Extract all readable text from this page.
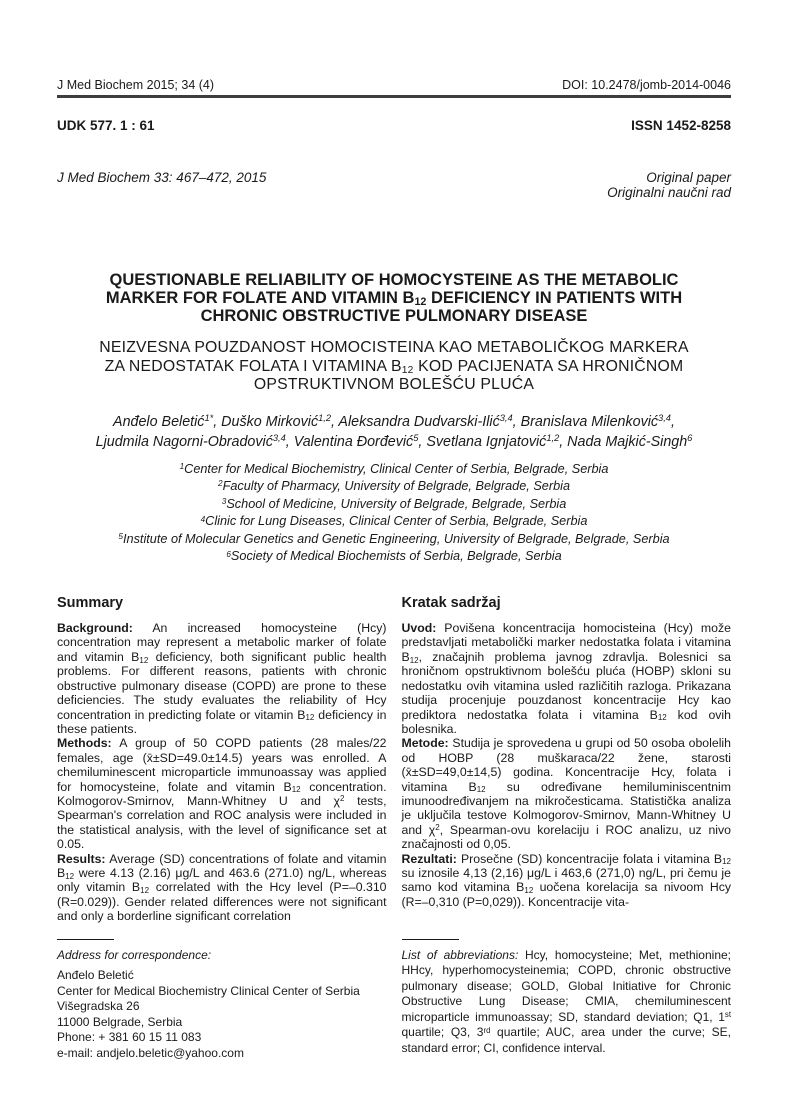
J Med Biochem 2015; 34 (4)	DOI: 10.2478/jomb-2014-0046
UDK 577. 1 : 61	ISSN 1452-8258
J Med Biochem 33: 467–472, 2015	Original paper
Originalni naučni rad
QUESTIONABLE RELIABILITY OF HOMOCYSTEINE AS THE METABOLIC
MARKER FOR FOLATE AND VITAMIN $B_{12}$ DEFICIENCY IN PATIENTS WITH
CHRONIC OBSTRUCTIVE PULMONARY DISEASE
NEIZVESNA POUZDANOST HOMOCISTEINA KAO METABOLIČKOG MARKERA
ZA NEDOSTATAK FOLATA I VITAMINA $B_{12}$ KOD PACIJENATA SA HRONIČNOM
OPSTRUKTIVNOM BOLEŠĆU PLUĆA
Anđelo Beletić$^{1*}$, Duško Mirković$^{1,2}$, Aleksandra Dudvarski-Ilić$^{3,4}$, Branislava Milenković$^{3,4}$,
Ljudmila Nagorni-Obradović$^{3,4}$, Valentina Đorđević$^5$, Svetlana Ignjatović$^{1,2}$, Nada Majkić-Singh$^6$
$^1$Center for Medical Biochemistry, Clinical Center of Serbia, Belgrade, Serbia
$^2$Faculty of Pharmacy, University of Belgrade, Belgrade, Serbia
$^3$School of Medicine, University of Belgrade, Belgrade, Serbia
$^4$Clinic for Lung Diseases, Clinical Center of Serbia, Belgrade, Serbia
$^5$Institute of Molecular Genetics and Genetic Engineering, University of Belgrade, Belgrade, Serbia
$^6$Society of Medical Biochemists of Serbia, Belgrade, Serbia
Summary

Background: An increased homocysteine (Hcy) concentration may represent a metabolic marker of folate and vitamin $B_{12}$ deficiency, both significant public health problems. For different reasons, patients with chronic obstructive pulmonary disease (COPD) are prone to these deficiencies. The study evaluates the reliability of Hcy concentration in predicting folate or vitamin $B_{12}$ deficiency in these patients.

Methods: A group of 50 COPD patients (28 males/22 females, age (x̄±SD=49.0±14.5) years was enrolled. A chemiluminescent microparticle immunoassay was applied for homocysteine, folate and vitamin $B_{12}$ concentration. Kolmogorov-Smirnov, Mann-Whitney U and $\chi^2$ tests, Spearman's correlation and ROC analysis were included in the statistical analysis, with the level of significance set at 0.05.

Results: Average (SD) concentrations of folate and vitamin $B_{12}$ were 4.13 (2.16) μg/L and 463.6 (271.0) ng/L, whereas only vitamin $B_{12}$ correlated with the Hcy level (P=–0.310 (R=0.029)). Gender related differences were not significant and only a borderline significant correlation

Kratak sadržaj

Uvod: Povišena koncentracija homocisteina (Hcy) može predstavljati metabolički marker nedostatka folata i vitamina $B_{12}$, značajnih problema javnog zdravlja. Bolesnici sa hroničnom opstruktivnom bolešću pluća (HOBP) skloni su nedostatku ovih vitamina usled različitih razloga. Prikazana studija procenjuje pouzdanost koncentracije Hcy kao prediktora nedostatka folata i vitamina $B_{12}$ kod ovih bolesnika.

Metode: Studija je sprovedena u grupi od 50 osoba obolelih od HOBP (28 muškaraca/22 žene, starosti (x̄±SD=49,0±14,5) godina. Koncentracije Hcy, folata i vitamina $B_{12}$ su određivane hemiluminiscentnim imunoodređivanjem na mikročesticama. Statistička analiza je uključila testove Kolmogorov-Smirnov, Mann-Whitney U and $\chi^2$, Spearman-ovu korelaciju i ROC analizu, uz nivo značajnosti od 0,05.

Rezultati: Prosečne (SD) koncentracije folata i vitamina $B_{12}$ su iznosile 4,13 (2,16) μg/L i 463,6 (271,0) ng/L, pri čemu je samo kod vitamina $B_{12}$ uočena korelacija sa nivoom Hcy (R=–0,310 (P=0,029)). Koncentracije vita-

Address for correspondence:
Anđelo Beletić
Center for Medical Biochemistry Clinical Center of Serbia
Višegradska 26
11000 Belgrade, Serbia
Phone: + 381 60 15 11 083
e-mail: andjelo.beletic@yahoo.com

List of abbreviations: Hcy, homocysteine; Met, methionine; HHcy, hyperhomocysteinemia; COPD, chronic obstructive pulmonary disease; GOLD, Global Initiative for Chronic Obstructive Lung Disease; CMIA, chemiluminescent microparticle immunoassay; SD, standard deviation; Q1, 1st quartile; Q3, 3rd quartile; AUC, area under the curve; SE, standard error; CI, confidence interval.
